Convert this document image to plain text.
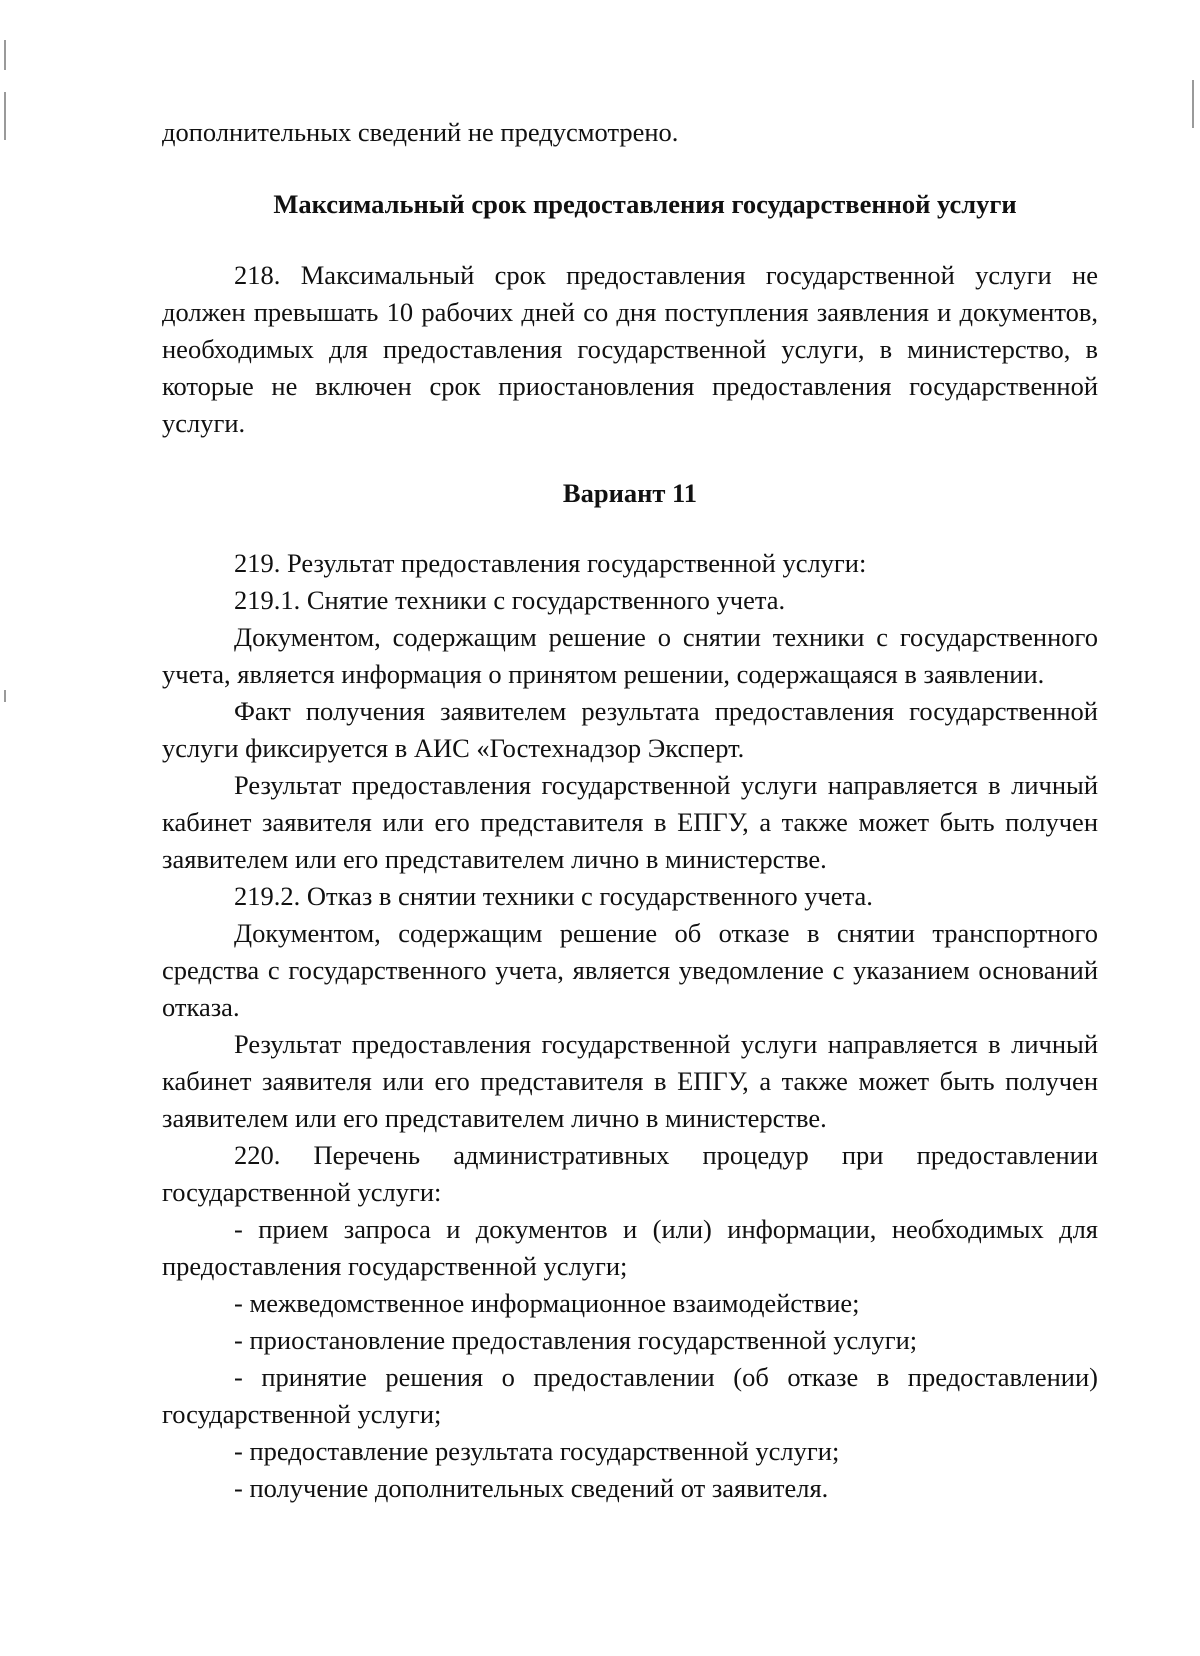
дополнительных сведений не предусмотрено.

Максимальный срок предоставления государственной услуги

218. Максимальный срок предоставления государственной услуги не должен превышать 10 рабочих дней со дня поступления заявления и документов, необходимых для предоставления государственной услуги, в министерство, в которые не включен срок приостановления предоставления государственной услуги.

Вариант 11

219. Результат предоставления государственной услуги:

219.1. Снятие техники с государственного учета.

Документом, содержащим решение о снятии техники с государственного учета, является информация о принятом решении, содержащаяся в заявлении.

Факт получения заявителем результата предоставления государственной услуги фиксируется в АИС «Гостехнадзор Эксперт.

Результат предоставления государственной услуги направляется в личный кабинет заявителя или его представителя в ЕПГУ, а также может быть получен заявителем или его представителем лично в министерстве.

219.2. Отказ в снятии техники с государственного учета.

Документом, содержащим решение об отказе в снятии транспортного средства с государственного учета, является уведомление с указанием оснований отказа.

Результат предоставления государственной услуги направляется в личный кабинет заявителя или его представителя в ЕПГУ, а также может быть получен заявителем или его представителем лично в министерстве.

220. Перечень административных процедур при предоставлении государственной услуги:

- прием запроса и документов и (или) информации, необходимых для предоставления государственной услуги;

- межведомственное информационное взаимодействие;

- приостановление предоставления государственной услуги;

- принятие решения о предоставлении (об отказе в предоставлении) государственной услуги;

- предоставление результата государственной услуги;

- получение дополнительных сведений от заявителя.
